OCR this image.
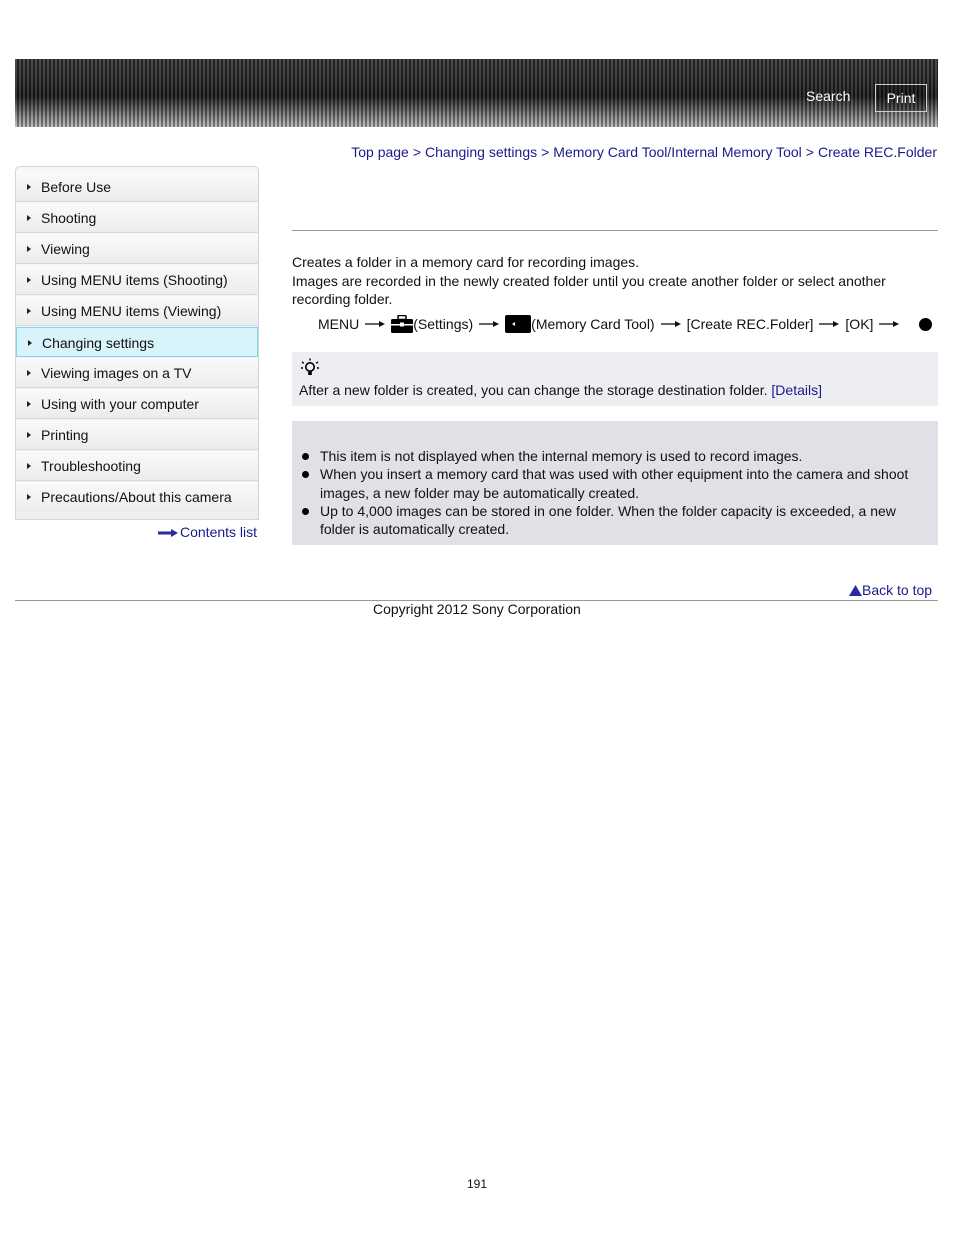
Search	Print
Top page > Changing settings > Memory Card Tool/Internal Memory Tool > Create REC.Folder
Before Use
Shooting
Viewing
Using MENU items (Shooting)
Using MENU items (Viewing)
Changing settings
Viewing images on a TV
Using with your computer
Printing
Troubleshooting
Precautions/About this camera
Contents list

Creates a folder in a memory card for recording images.

Images are recorded in the newly created folder until you create another folder or select another recording folder.

MENU	(Settings)	(Memory Card Tool) [Create REC.Folder] [OK]
After a new folder is created, you can change the storage destination folder. [Details]
This item is not displayed when the internal memory is used to record images.
When you insert a memory card that was used with other equipment into the camera and shoot images, a new folder may be automatically created.
Up to 4,000 images can be stored in one folder. When the folder capacity is exceeded, a new folder is automatically created.
Back to top
Copyright 2012 Sony Corporation
191
